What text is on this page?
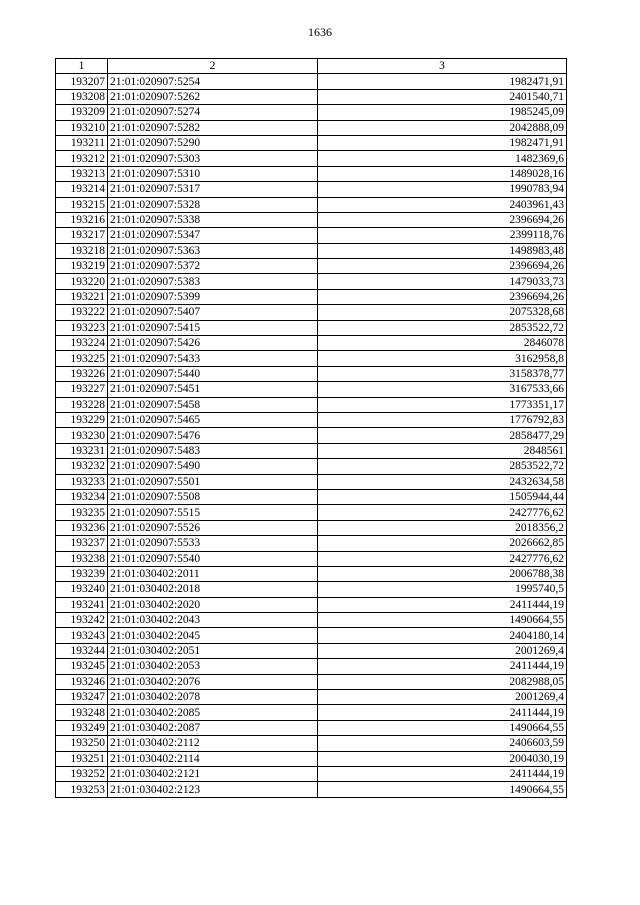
1636
1	2	3
193207	21:01:020907:5254	1982471,91
193208	21:01:020907:5262	2401540,71
193209	21:01:020907:5274	1985245,09
193210	21:01:020907:5282	2042888,09
193211	21:01:020907:5290	1982471,91
193212	21:01:020907:5303	1482369,6
193213	21:01:020907:5310	1489028,16
193214	21:01:020907:5317	1990783,94
193215	21:01:020907:5328	2403961,43
193216	21:01:020907:5338	2396694,26
193217	21:01:020907:5347	2399118,76
193218	21:01:020907:5363	1498983,48
193219	21:01:020907:5372	2396694,26
193220	21:01:020907:5383	1479033,73
193221	21:01:020907:5399	2396694,26
193222	21:01:020907:5407	2075328,68
193223	21:01:020907:5415	2853522,72
193224	21:01:020907:5426	2846078
193225	21:01:020907:5433	3162958,8
193226	21:01:020907:5440	3158378,77
193227	21:01:020907:5451	3167533,66
193228	21:01:020907:5458	1773351,17
193229	21:01:020907:5465	1776792,83
193230	21:01:020907:5476	2858477,29
193231	21:01:020907:5483	2848561
193232	21:01:020907:5490	2853522,72
193233	21:01:020907:5501	2432634,58
193234	21:01:020907:5508	1505944,44
193235	21:01:020907:5515	2427776,62
193236	21:01:020907:5526	2018356,2
193237	21:01:020907:5533	2026662,85
193238	21:01:020907:5540	2427776,62
193239	21:01:030402:2011	2006788,38
193240	21:01:030402:2018	1995740,5
193241	21:01:030402:2020	2411444,19
193242	21:01:030402:2043	1490664,55
193243	21:01:030402:2045	2404180,14
193244	21:01:030402:2051	2001269,4
193245	21:01:030402:2053	2411444,19
193246	21:01:030402:2076	2082988,05
193247	21:01:030402:2078	2001269,4
193248	21:01:030402:2085	2411444,19
193249	21:01:030402:2087	1490664,55
193250	21:01:030402:2112	2406603,59
193251	21:01:030402:2114	2004030,19
193252	21:01:030402:2121	2411444,19
193253	21:01:030402:2123	1490664,55
